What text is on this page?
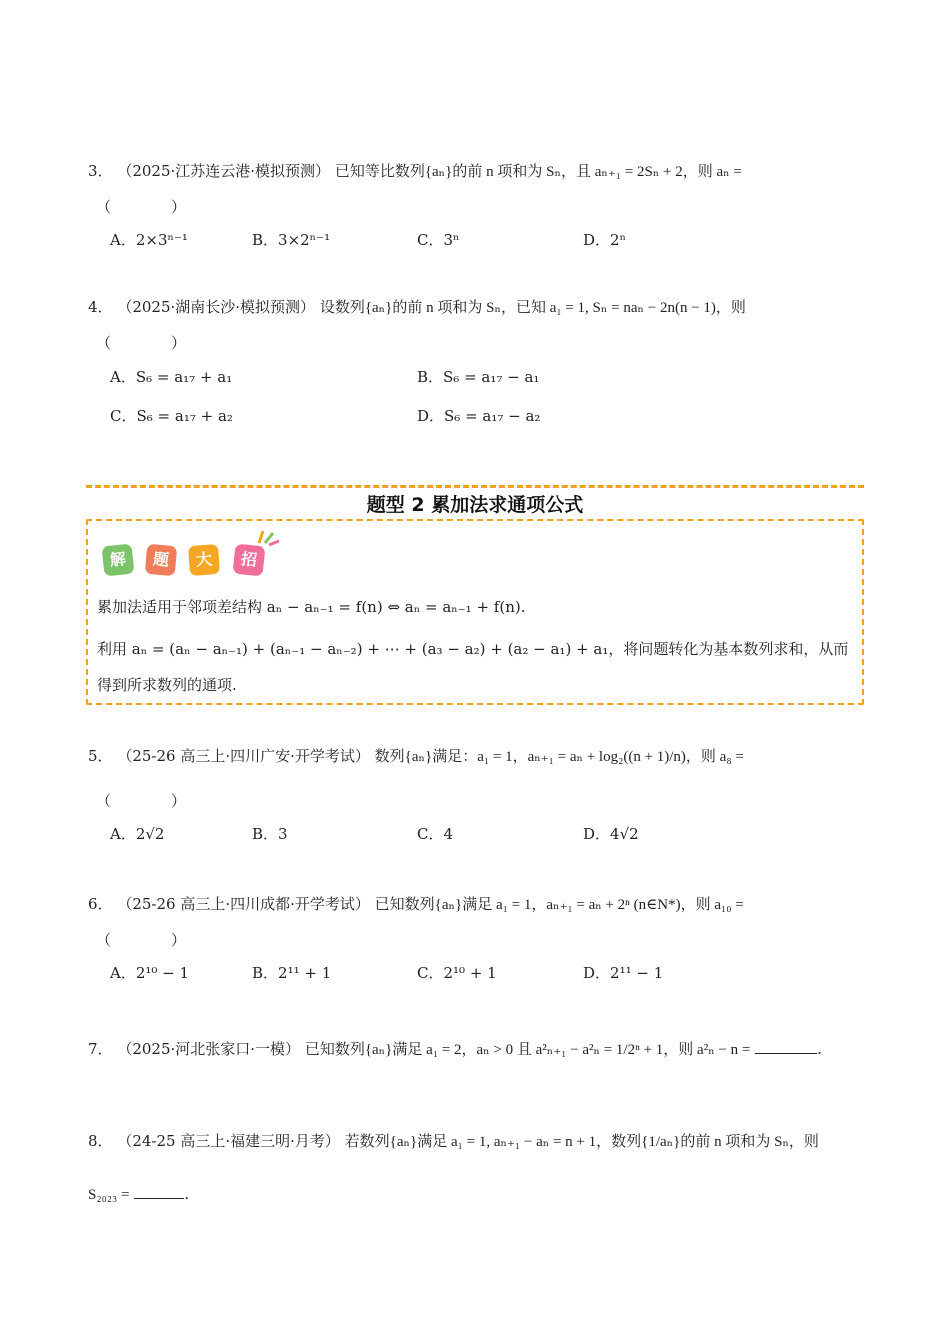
3． （2025·江苏连云港·模拟预测） 已知等比数列{aₙ}的前 n 项和为 Sₙ，且 aₙ₊₁ = 2Sₙ + 2，则 aₙ =
（　　　　）
A．2×3ⁿ⁻¹	B．3×2ⁿ⁻¹	C．3ⁿ	D．2ⁿ
4． （2025·湖南长沙·模拟预测） 设数列{aₙ}的前 n 项和为 Sₙ，已知 a₁ = 1, Sₙ = naₙ − 2n(n − 1)，则
（　　　　）
A．S₆ = a₁₇ + a₁	B．S₆ = a₁₇ − a₁
C．S₆ = a₁₇ + a₂	D．S₆ = a₁₇ − a₂
题型 2 累加法求通项公式
解	题	大	招
累加法适用于邻项差结构 aₙ − aₙ₋₁ = f(n) ⇔ aₙ = aₙ₋₁ + f(n).
利用 aₙ = (aₙ − aₙ₋₁) + (aₙ₋₁ − aₙ₋₂) + ⋯ + (a₃ − a₂) + (a₂ − a₁) + a₁，将问题转化为基本数列求和，从而
得到所求数列的通项.
5． （25-26 高三上·四川广安·开学考试） 数列{aₙ}满足：a₁ = 1，aₙ₊₁ = aₙ + log₂((n + 1)/n)，则 a₈ =
（　　　　）
A．2√2	B．3	C．4	D．4√2
6． （25-26 高三上·四川成都·开学考试） 已知数列{aₙ}满足 a₁ = 1，aₙ₊₁ = aₙ + 2ⁿ (n∈N*)，则 a₁₀ =
（　　　　）
A．2¹⁰ − 1	B．2¹¹ + 1	C．2¹⁰ + 1	D．2¹¹ − 1
7． （2025·河北张家口·一模） 已知数列{aₙ}满足 a₁ = 2，aₙ > 0 且 a²ₙ₊₁ − a²ₙ = 1/2ⁿ + 1，则 a²ₙ − n =	.
8． （24-25 高三上·福建三明·月考） 若数列{aₙ}满足 a₁ = 1, aₙ₊₁ − aₙ = n + 1，数列{1/aₙ}的前 n 项和为 Sₙ，则
S₂₀₂₃ =	.
